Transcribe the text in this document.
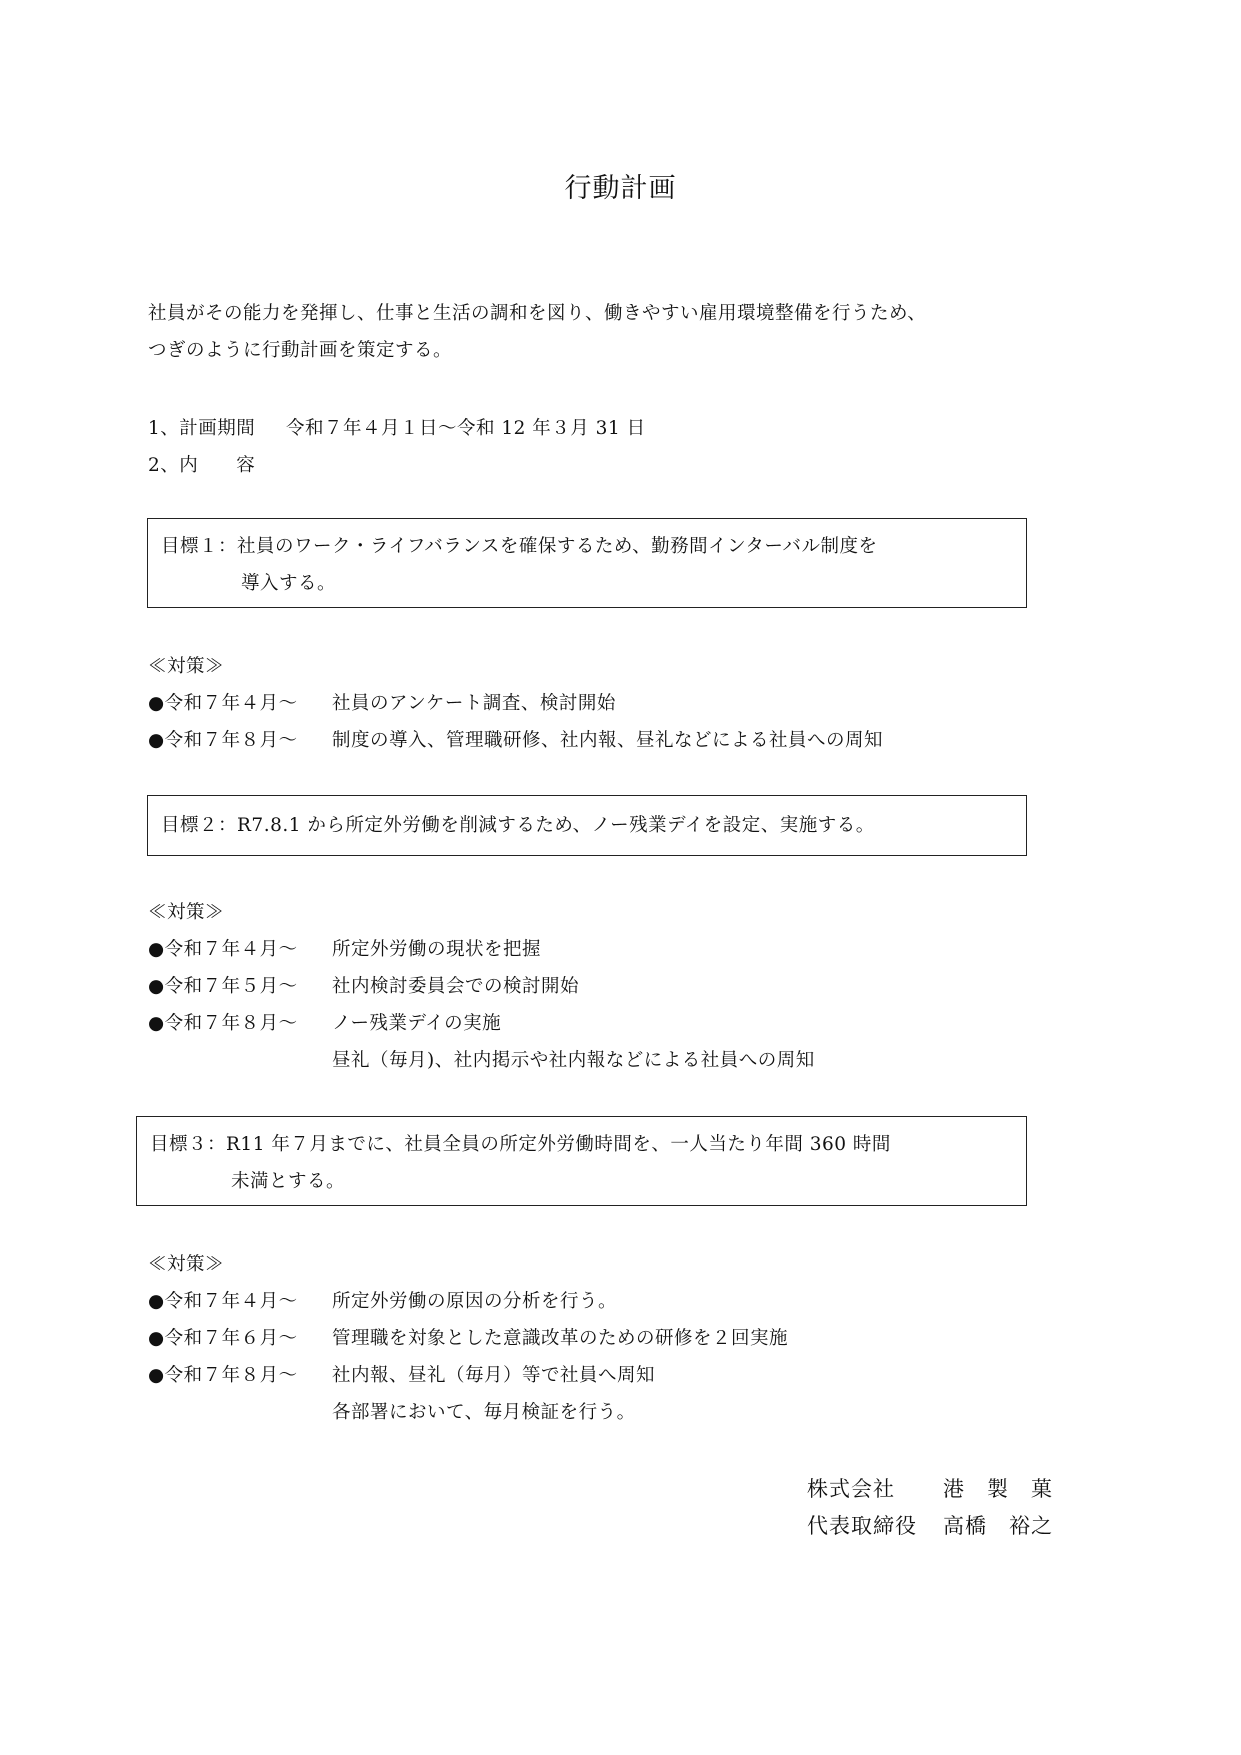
行動計画
社員がその能力を発揮し、仕事と生活の調和を図り、働きやすい雇用環境整備を行うため、
つぎのように行動計画を策定する。
1、計画期間 令和７年４月１日～令和 12 年３月 31 日
2、内　　容
目標１：社員のワーク・ライフバランスを確保するため、勤務間インターバル制度を
導入する。
≪対策≫
●令和７年４月～ 社員のアンケート調査、検討開始
●令和７年８月～ 制度の導入、管理職研修、社内報、昼礼などによる社員への周知
目標２：R7.8.1 から所定外労働を削減するため、ノー残業デイを設定、実施する。
≪対策≫
●令和７年４月～ 所定外労働の現状を把握
●令和７年５月～ 社内検討委員会での検討開始
●令和７年８月～ ノー残業デイの実施
昼礼（毎月)、社内掲示や社内報などによる社員への周知
目標３：R11 年７月までに、社員全員の所定外労働時間を、一人当たり年間 360 時間
未満とする。
≪対策≫
●令和７年４月～ 所定外労働の原因の分析を行う。
●令和７年６月～ 管理職を対象とした意識改革のための研修を２回実施
●令和７年８月～ 社内報、昼礼（毎月）等で社員へ周知
各部署において、毎月検証を行う。
株式会社 港　製　菓
代表取締役 高橋　裕之
